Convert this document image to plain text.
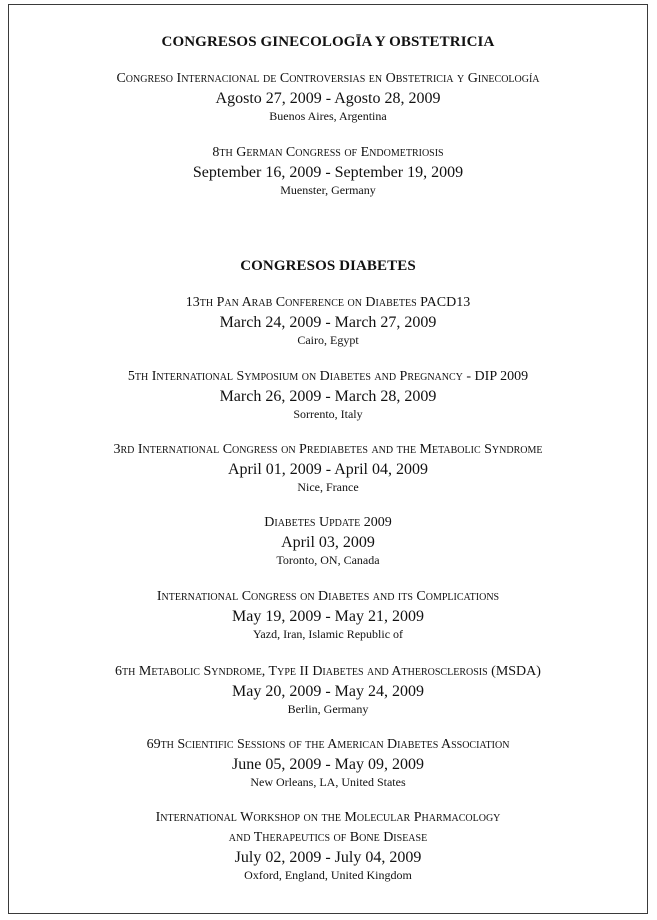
CONGRESOS GINECOLOGĪA Y OBSTETRICIA
Congreso Internacional de Controversias en Obstetricia y Ginecología
Agosto 27, 2009 - Agosto 28, 2009
Buenos Aires, Argentina
8th German Congress of Endometriosis
September 16, 2009 - September 19, 2009
Muenster, Germany
CONGRESOS DIABETES
13th Pan Arab Conference on Diabetes PACD13
March 24, 2009 - March 27, 2009
Cairo, Egypt
5th International Symposium on Diabetes and Pregnancy - DIP 2009
March 26, 2009 - March 28, 2009
Sorrento, Italy
3rd International Congress on Prediabetes and the Metabolic Syndrome
April 01, 2009 - April 04, 2009
Nice, France
Diabetes Update 2009
April 03, 2009
Toronto, ON, Canada
International Congress on Diabetes and its Complications
May 19, 2009 - May 21, 2009
Yazd, Iran, Islamic Republic of
6th Metabolic Syndrome, Type II Diabetes and Atherosclerosis (MSDA)
May 20, 2009 - May 24, 2009
Berlin, Germany
69th Scientific Sessions of the American Diabetes Association
June 05, 2009 - May 09, 2009
New Orleans, LA, United States
International Workshop on the Molecular Pharmacology
and Therapeutics of Bone Disease
July 02, 2009 - July 04, 2009
Oxford, England, United Kingdom
